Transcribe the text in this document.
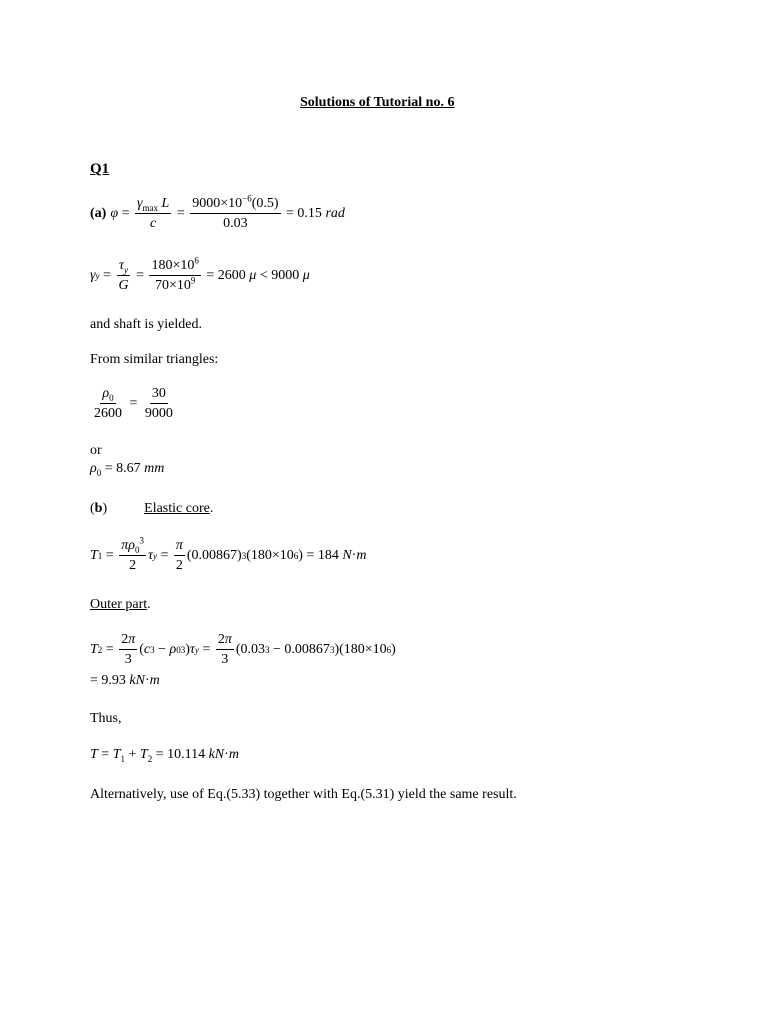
Solutions of Tutorial no. 6
Q1
(a) $\varphi = \frac{\gamma_{max} L}{c} = \frac{9000\times 10^{-6}(0.5)}{0.03} = 0.15$ rad
γ $y = \frac{\tau_y}{G} = \frac{180\times 10^6}{70\times 10^9} = 2600$ μ < 9000 μ
and shaft is yielded.
From similar triangles:
$\frac{\rho_0}{2600} = \frac{30}{9000}$
or
$\rho_0 = 8.67$ mm
(b)	Elastic core.
T $1 = \frac{\pi\rho_0^3}{2}$ τ $y = \frac{\pi}{2} (0.00867)$ 3 (180×10 6 ) = 184 N · m
Outer part.
T $2 = \frac{2\pi}{3}$ ( c 3 − ρ 0 3 ) τ $y = \frac{2\pi}{3} (0.03$ 3 − 0.00867 3 )(180×10 6 )
= 9.93 kN·m
Thus,
$T = T_1 + T_2 = 10.114$ kN·m
Alternatively, use of Eq.(5.33) together with Eq.(5.31) yield the same result.
